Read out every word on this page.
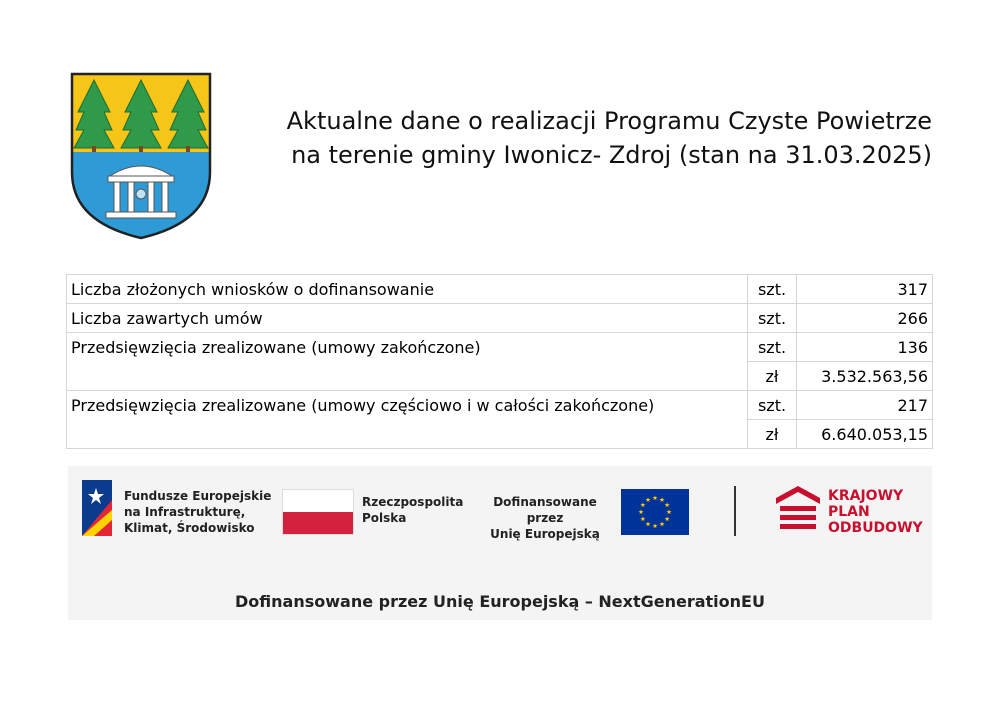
Aktualne dane o realizacji Programu Czyste Powietrze
na terenie gminy Iwonicz- Zdroj (stan na 31.03.2025)
Liczba złożonych wniosków o dofinansowanie	szt.	317
Liczba zawartych umów	szt.	266
Przedsięwzięcia zrealizowane (umowy zakończone)	szt.	136
	zł	3.532.563,56
Przedsięwzięcia zrealizowane (umowy częściowo i w całości zakończone)	szt.	217
	zł	6.640.053,15
Fundusze Europejskie
na Infrastrukturę,
Klimat, Środowisko
Rzeczpospolita
Polska
Dofinansowane przez
Unię Europejską
KRAJOWY
PLAN
ODBUDOWY
Dofinansowane przez Unię Europejską – NextGenerationEU
